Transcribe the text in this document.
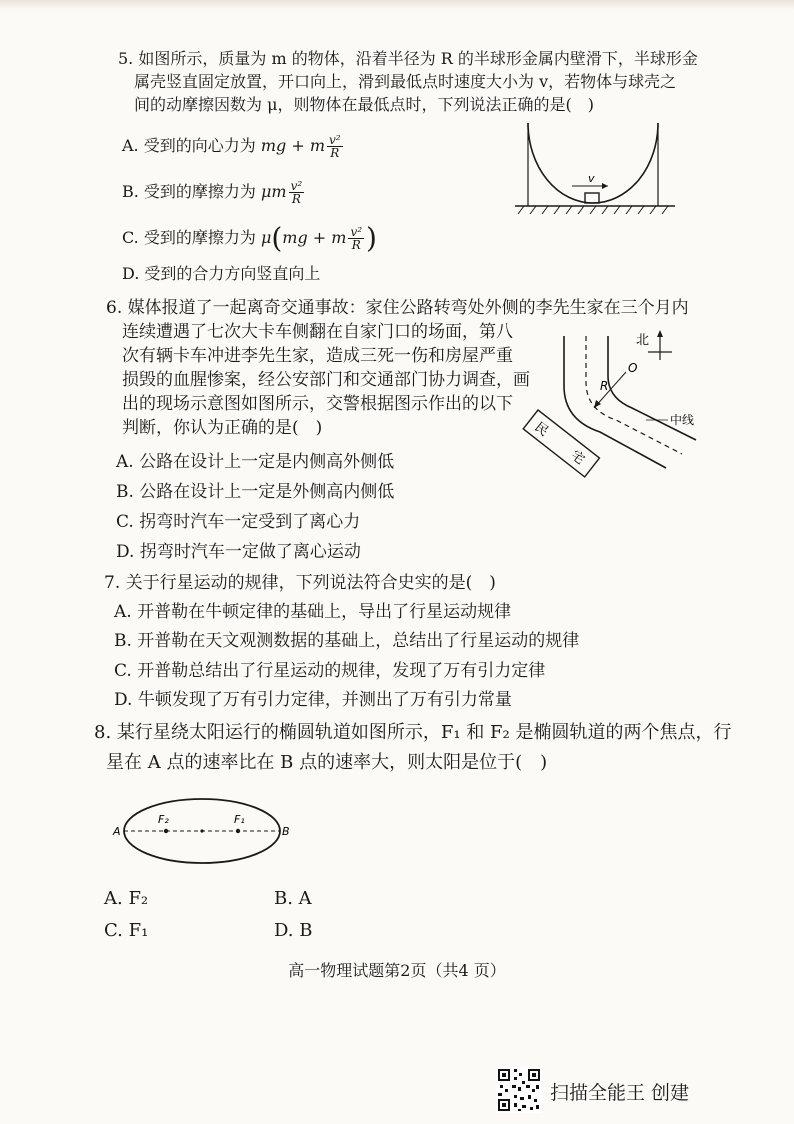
5. 如图所示，质量为 m 的物体，沿着半径为 R 的半球形金属内壁滑下，半球形金
属壳竖直固定放置，开口向上，滑到最低点时速度大小为 v，若物体与球壳之
间的动摩擦因数为 μ，则物体在最低点时，下列说法正确的是(　)
A. 受到的向心力为 mg + m $\frac{\text{v²}}{R}$
B. 受到的摩擦力为 μm $\frac{\text{v²}}{R}$
C. 受到的摩擦力为 μ(mg + m $\frac{\text{v²}}{R}$ )
D. 受到的合力方向竖直向上
v
6. 媒体报道了一起离奇交通事故：家住公路转弯处外侧的李先生家在三个月内
连续遭遇了七次大卡车侧翻在自家门口的场面，第八
次有辆卡车冲进李先生家，造成三死一伤和房屋严重
损毁的血腥惨案，经公安部门和交通部门协力调查，画
出的现场示意图如图所示，交警根据图示作出的以下
判断，你认为正确的是(　)
A. 公路在设计上一定是内侧高外侧低
B. 公路在设计上一定是外侧高内侧低
C. 拐弯时汽车一定受到了离心力
D. 拐弯时汽车一定做了离心运动
O
R
北
中线
民
宅
7. 关于行星运动的规律，下列说法符合史实的是(　)
A. 开普勒在牛顿定律的基础上，导出了行星运动规律
B. 开普勒在天文观测数据的基础上，总结出了行星运动的规律
C. 开普勒总结出了行星运动的规律，发现了万有引力定律
D. 牛顿发现了万有引力定律，并测出了万有引力常量
8. 某行星绕太阳运行的椭圆轨道如图所示，F₁ 和 F₂ 是椭圆轨道的两个焦点，行
星在 A 点的速率比在 B 点的速率大，则太阳是位于(　)
A	B
F₂	F₁
A. F₂	B. A
C. F₁	D. B
高一物理试题第2页（共4 页）
扫描全能王 创建
